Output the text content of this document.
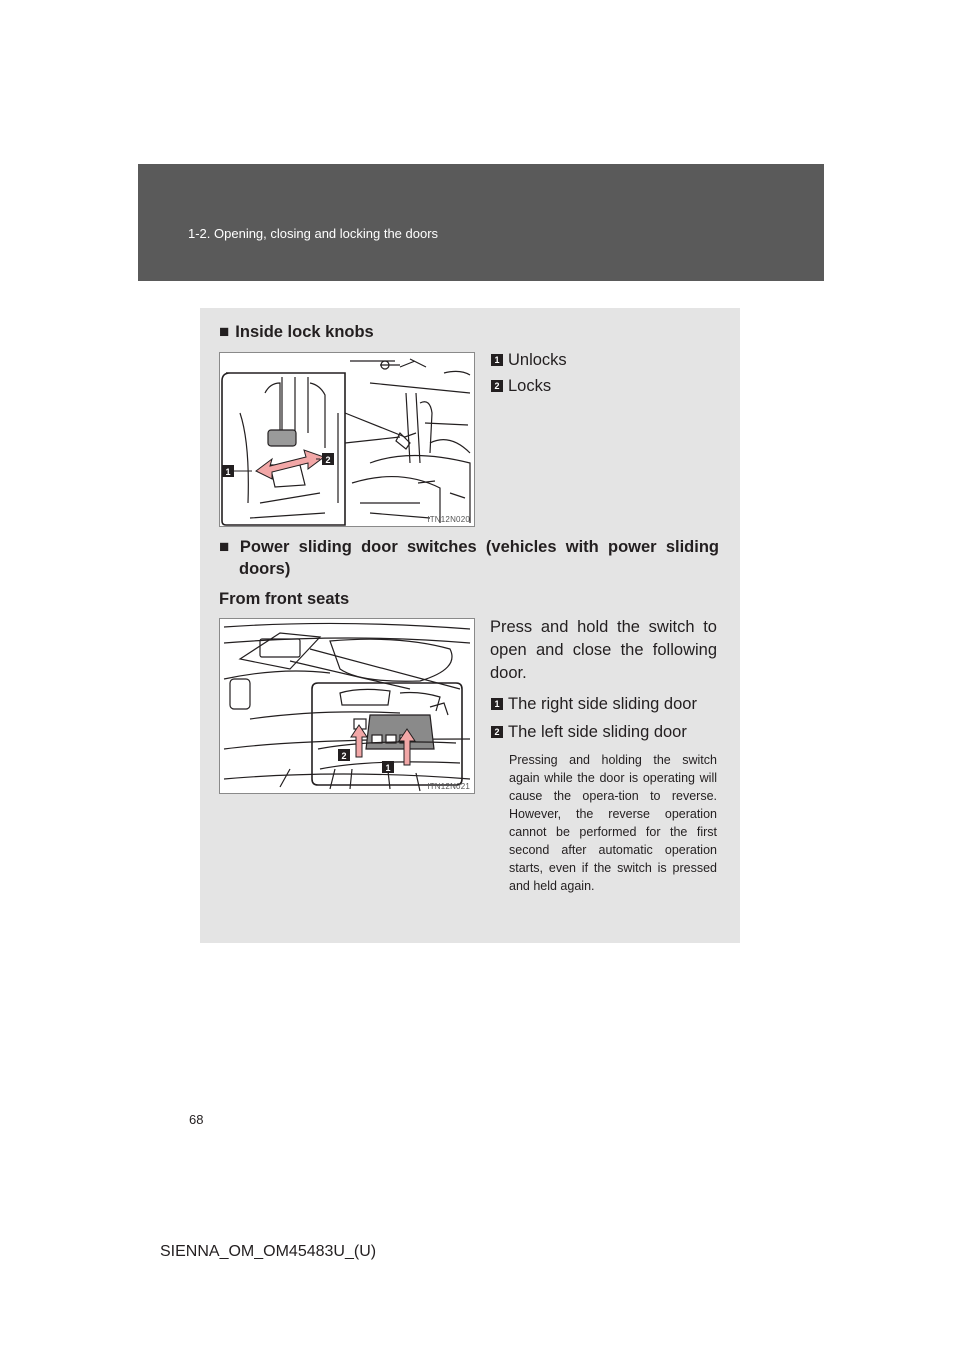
1-2. Opening, closing and locking the doors
■ Inside lock knobs
1
2
ITN12N020
1 Unlocks
2 Locks
■ Power sliding door switches (vehicles with power sliding
doors)
From front seats
2
1
ITN12N021
Press and hold the switch to open and close the following door.
1 The right side sliding door
2 The left side sliding door
Pressing and holding the switch again while the door is operating will cause the opera-tion to reverse. However, the reverse operation cannot be performed for the first second after automatic operation starts, even if the switch is pressed and held again.
68
SIENNA_OM_OM45483U_(U)
